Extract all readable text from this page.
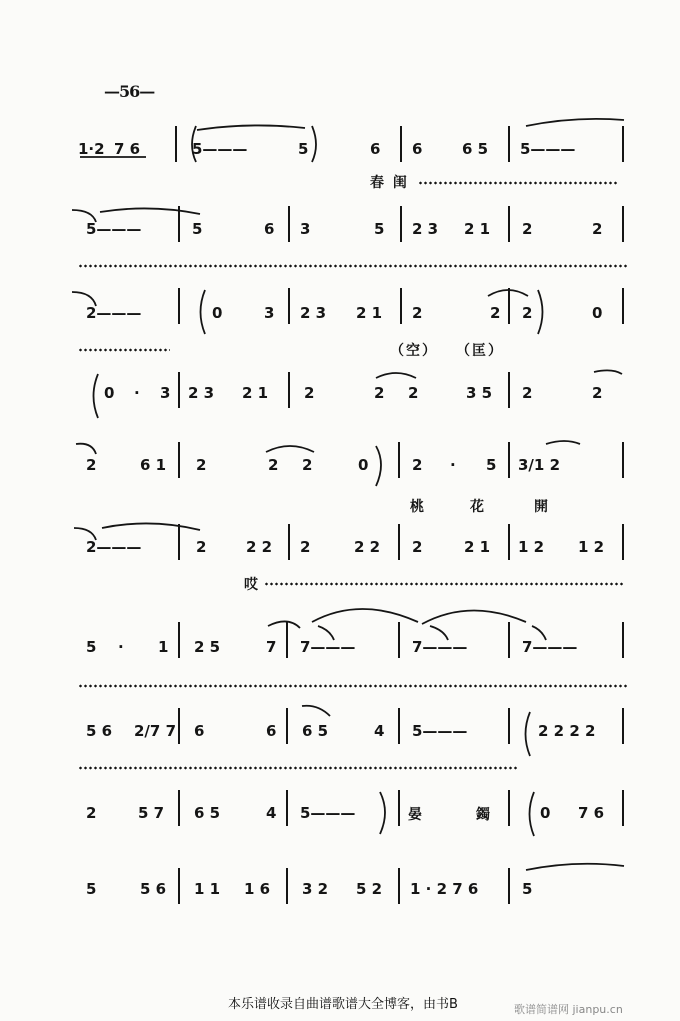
—56—
1·2 7 6	5———	5	6 6	6 5 5———
春 闺
5———	5	6 3	5 2 3 2 1 2	2
2———	0	3 2 3 2 1 2	2 2	0
（空） （匡）
0 · 3 2 3 2 1 2	2 2	3 5 2	2
2	6 1 2	2 2	0	2 · 5 3/1 2
桃	花	開
2———	2	2 2 2	2 2 2	2 1 1 2 1 2
哎
5 · 1 2 5	7 7———	7———	7———
5 6 2/7 7 6	6 6 5	4 5———	2 2 2 2
2	5 7 6 5	4 5———	晏	鐲	0 7 6
5	5 6 1 1 1 6 3 2 5 2 1 · 2 7 6	5
本乐谱收录自曲谱歌谱大全博客，由书B	歌谱简谱网 jianpu.cn
